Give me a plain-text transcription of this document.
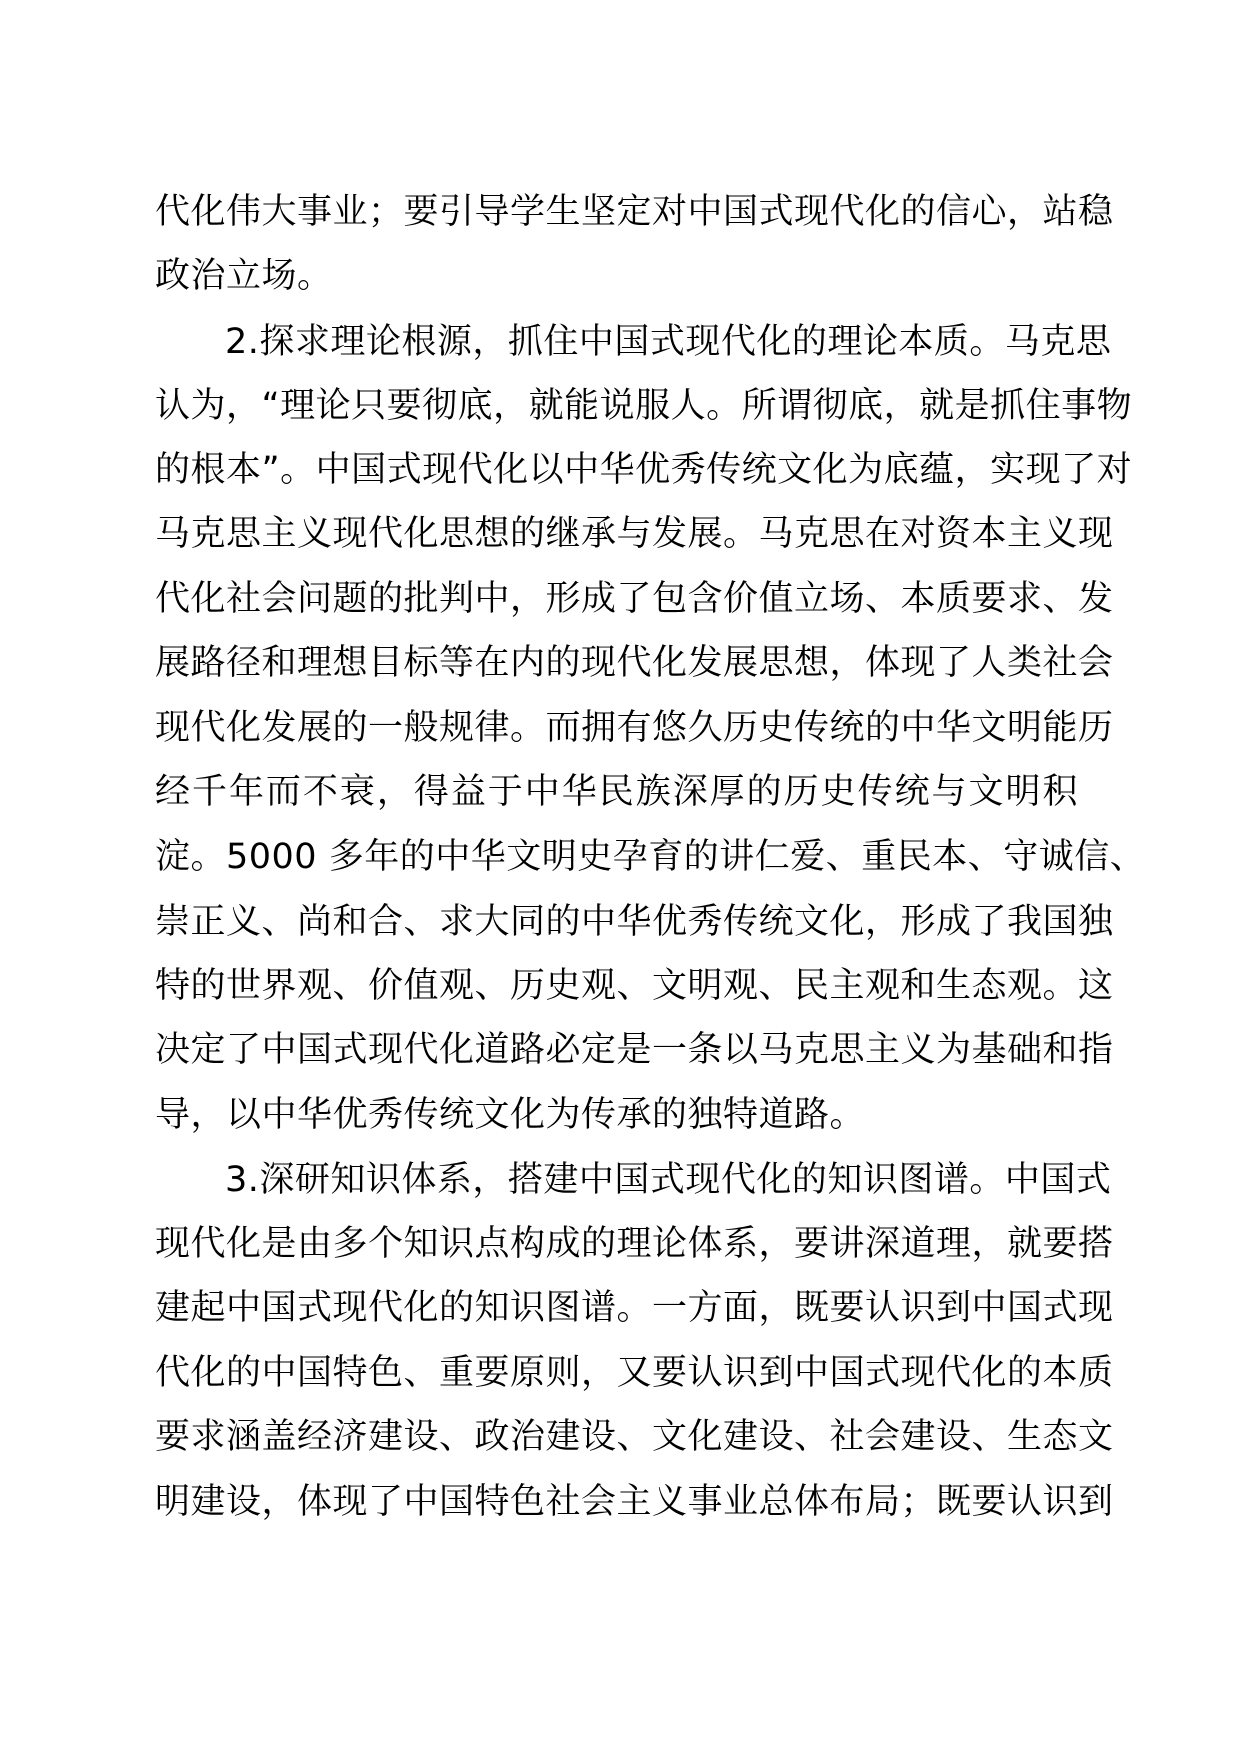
代化伟大事业；要引导学生坚定对中国式现代化的信心，站稳
政治立场。
2.探求理论根源，抓住中国式现代化的理论本质。马克思
认为，“理论只要彻底，就能说服人。所谓彻底，就是抓住事物
的根本”。中国式现代化以中华优秀传统文化为底蕴，实现了对
马克思主义现代化思想的继承与发展。马克思在对资本主义现
代化社会问题的批判中，形成了包含价值立场、本质要求、发
展路径和理想目标等在内的现代化发展思想，体现了人类社会
现代化发展的一般规律。而拥有悠久历史传统的中华文明能历
经千年而不衰，得益于中华民族深厚的历史传统与文明积
淀。5000 多年的中华文明史孕育的讲仁爱、重民本、守诚信、
崇正义、尚和合、求大同的中华优秀传统文化，形成了我国独
特的世界观、价值观、历史观、文明观、民主观和生态观。这
决定了中国式现代化道路必定是一条以马克思主义为基础和指
导，以中华优秀传统文化为传承的独特道路。
3.深研知识体系，搭建中国式现代化的知识图谱。中国式
现代化是由多个知识点构成的理论体系，要讲深道理，就要搭
建起中国式现代化的知识图谱。一方面，既要认识到中国式现
代化的中国特色、重要原则，又要认识到中国式现代化的本质
要求涵盖经济建设、政治建设、文化建设、社会建设、生态文
明建设，体现了中国特色社会主义事业总体布局；既要认识到
